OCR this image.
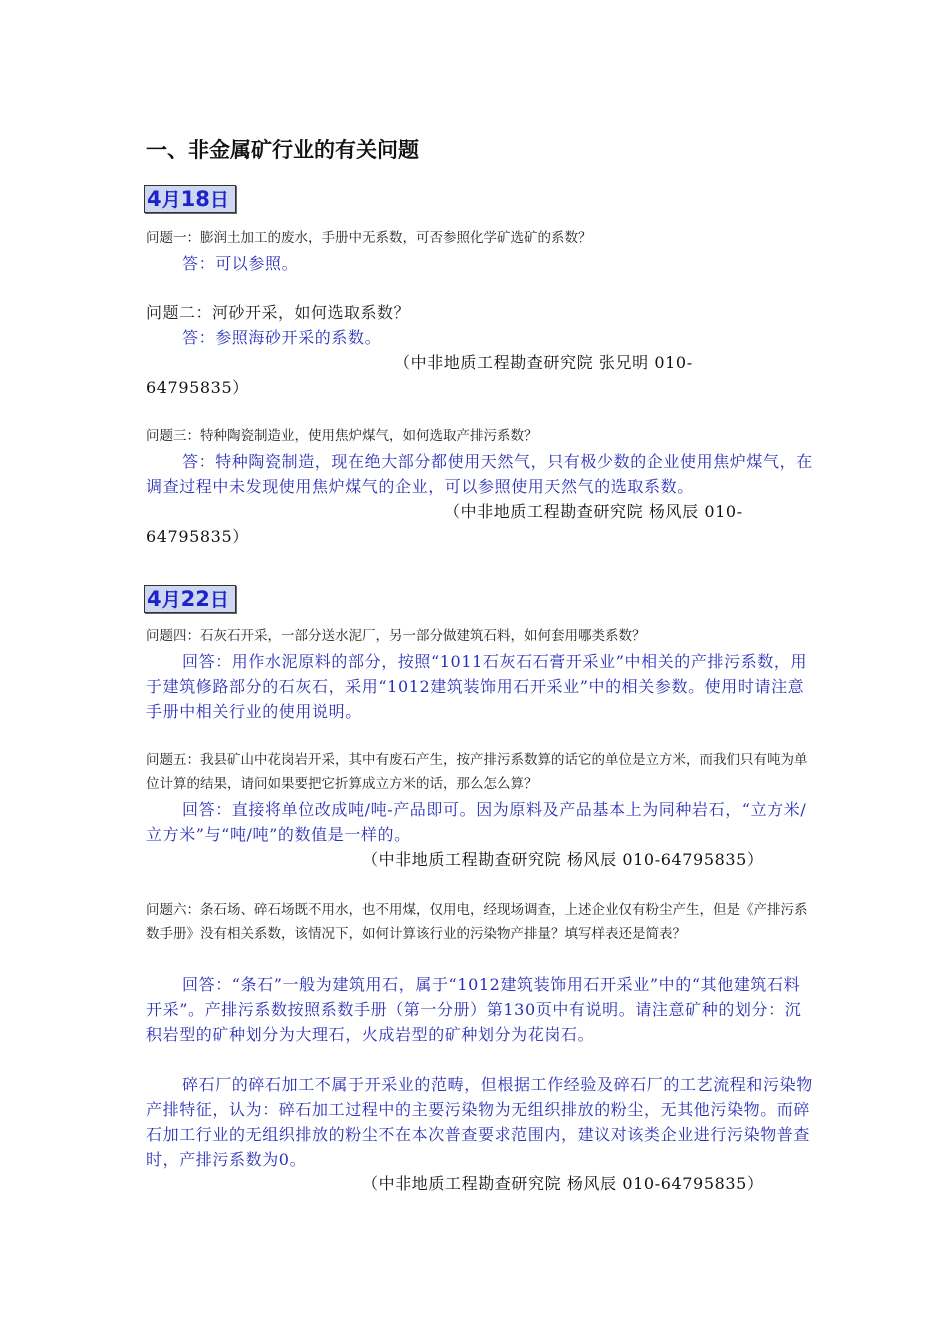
一、非金属矿行业的有关问题
4月18日
问题一：膨润土加工的废水，手册中无系数，可否参照化学矿选矿的系数？
答：可以参照。
问题二：河砂开采，如何选取系数？
答：参照海砂开采的系数。
（中非地质工程勘查研究院 张兄明 010-
64795835）
问题三：特种陶瓷制造业，使用焦炉煤气，如何选取产排污系数？
答：特种陶瓷制造，现在绝大部分都使用天然气，只有极少数的企业使用焦炉煤气，在调查过程中未发现使用焦炉煤气的企业，可以参照使用天然气的选取系数。
（中非地质工程勘查研究院 杨风辰 010-
64795835）
4月22日
问题四：石灰石开采，一部分送水泥厂，另一部分做建筑石料，如何套用哪类系数？
回答：用作水泥原料的部分，按照“1011石灰石石膏开采业”中相关的产排污系数，用于建筑修路部分的石灰石，采用“1012建筑装饰用石开采业”中的相关参数。使用时请注意手册中相关行业的使用说明。
问题五：我县矿山中花岗岩开采，其中有废石产生，按产排污系数算的话它的单位是立方米，而我们只有吨为单位计算的结果，请问如果要把它折算成立方米的话，那么怎么算？
回答：直接将单位改成吨/吨-产品即可。因为原料及产品基本上为同种岩石，“立方米/立方米”与“吨/吨”的数值是一样的。
（中非地质工程勘查研究院 杨风辰 010-64795835）
问题六：条石场、碎石场既不用水，也不用煤，仅用电，经现场调查，上述企业仅有粉尘产生，但是《产排污系数手册》没有相关系数，该情况下，如何计算该行业的污染物产排量？填写样表还是简表？
回答：“条石”一般为建筑用石，属于“1012建筑装饰用石开采业”中的“其他建筑石料开采”。产排污系数按照系数手册（第一分册）第130页中有说明。请注意矿种的划分：沉积岩型的矿种划分为大理石，火成岩型的矿种划分为花岗石。
碎石厂的碎石加工不属于开采业的范畴，但根据工作经验及碎石厂的工艺流程和污染物产排特征，认为：碎石加工过程中的主要污染物为无组织排放的粉尘，无其他污染物。而碎石加工行业的无组织排放的粉尘不在本次普查要求范围内，建议对该类企业进行污染物普查时，产排污系数为0。
（中非地质工程勘查研究院 杨风辰 010-64795835）
